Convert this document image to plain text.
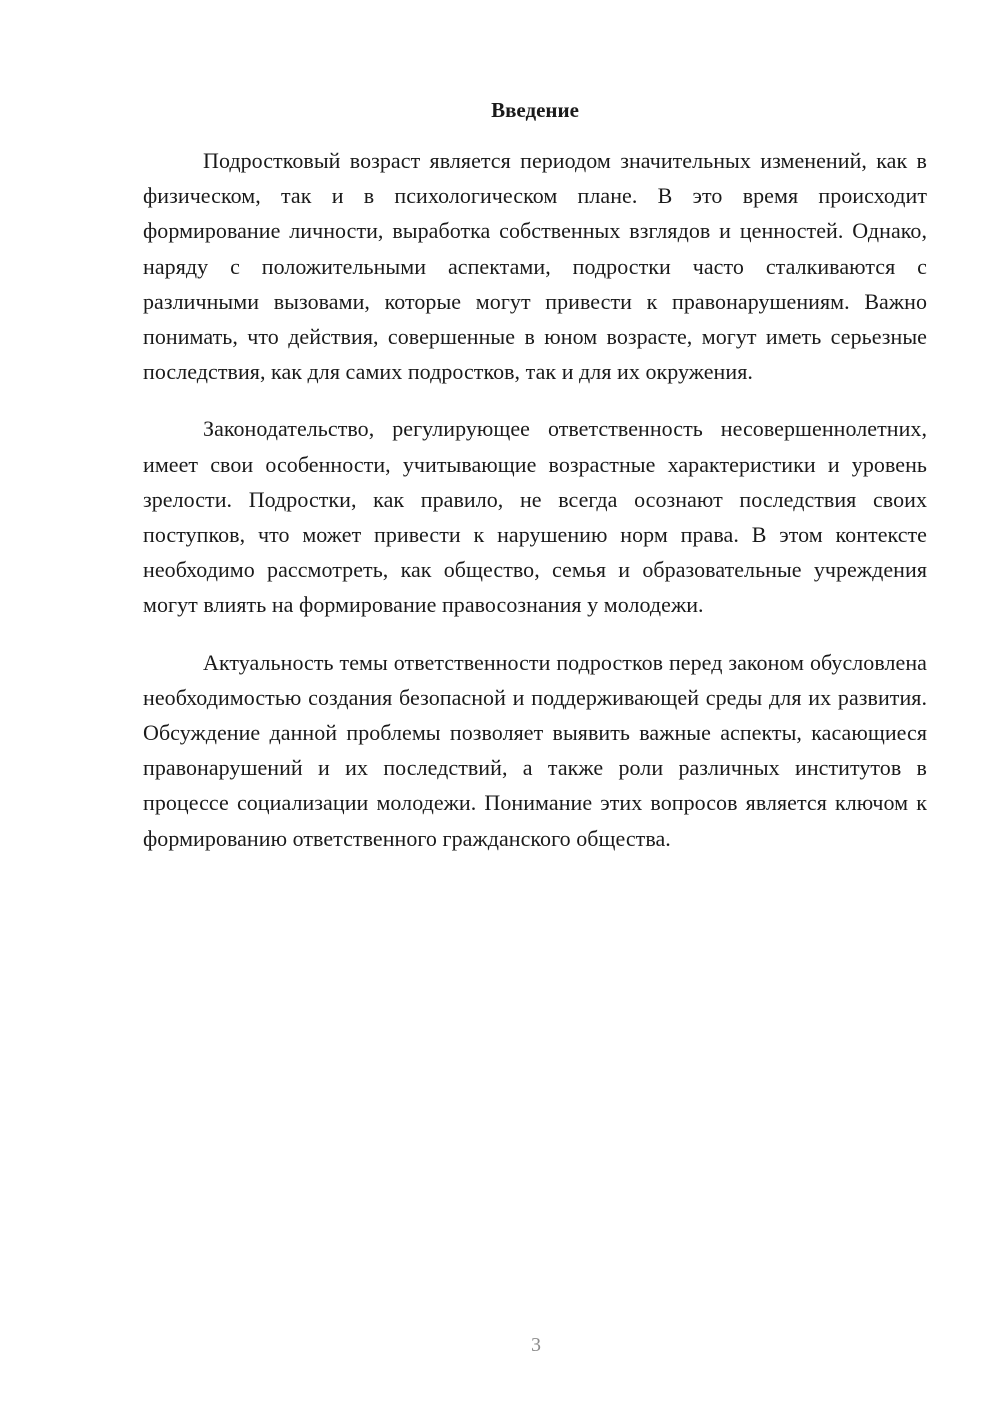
Введение

Подростковый возраст является периодом значительных изменений, как в физическом, так и в психологическом плане. В это время происходит формирование личности, выработка собственных взглядов и ценностей. Однако, наряду с положительными аспектами, подростки часто сталкиваются с различными вызовами, которые могут привести к правонарушениям. Важно понимать, что действия, совершенные в юном возрасте, могут иметь серьезные последствия, как для самих подростков, так и для их окружения.

Законодательство, регулирующее ответственность несовершеннолетних, имеет свои особенности, учитывающие возрастные характеристики и уровень зрелости. Подростки, как правило, не всегда осознают последствия своих поступков, что может привести к нарушению норм права. В этом контексте необходимо рассмотреть, как общество, семья и образовательные учреждения могут влиять на формирование правосознания у молодежи.

Актуальность темы ответственности подростков перед законом обусловлена необходимостью создания безопасной и поддерживающей среды для их развития. Обсуждение данной проблемы позволяет выявить важные аспекты, касающиеся правонарушений и их последствий, а также роли различных институтов в процессе социализации молодежи. Понимание этих вопросов является ключом к формированию ответственного гражданского общества.

3
